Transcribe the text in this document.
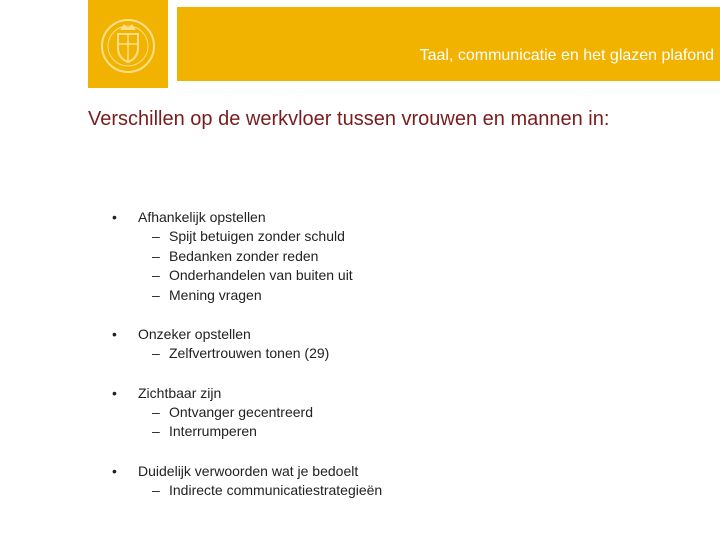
Taal, communicatie en het glazen plafond
Verschillen op de werkvloer tussen vrouwen en mannen in:
• Afhankelijk opstellen
– Spijt betuigen zonder schuld
– Bedanken zonder reden
– Onderhandelen van buiten uit
– Mening vragen
• Onzeker opstellen
– Zelfvertrouwen tonen (29)
• Zichtbaar zijn
– Ontvanger gecentreerd
– Interrumperen
• Duidelijk verwoorden wat je bedoelt
– Indirecte communicatiestrategieën
